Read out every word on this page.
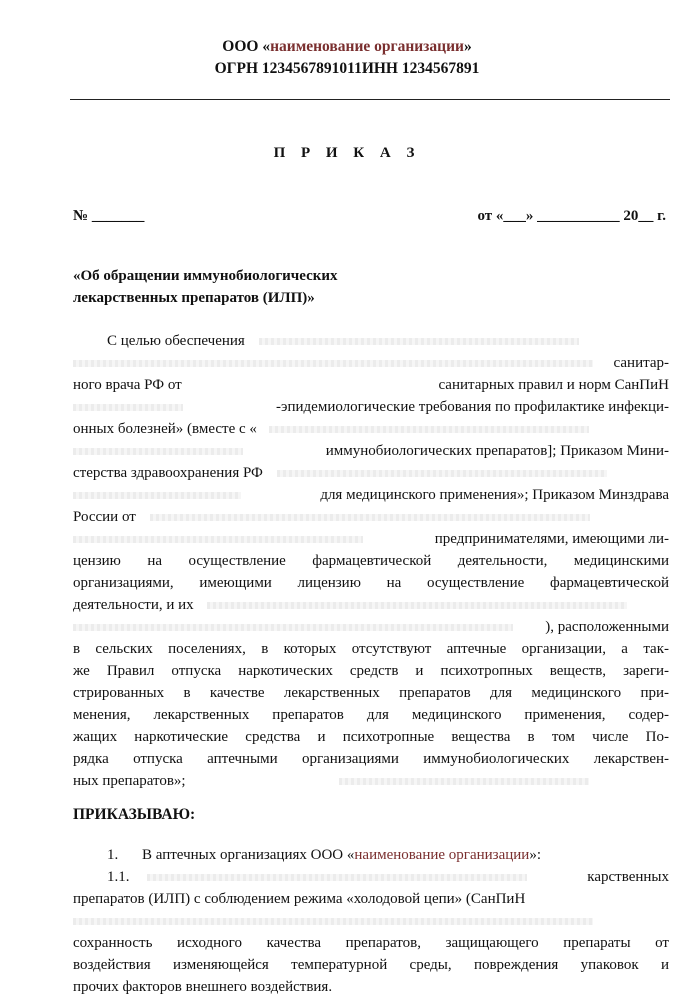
ООО «наименование организации»
ОГРН 1234567891011ИНН 1234567891
П Р И К А З
№ _______	от «___» ___________ 20__ г.
«Об обращении иммунобиологических
лекарственных препаратов (ИЛП)»
С целью обеспечения
санитар-
ного врача РФ от	санитарных правил и норм СанПиН
-эпидемиологические требования по профилактике инфекци-
онных болезней» (вместе с «
иммунобиологических препаратов]; Приказом Мини-
стерства здравоохранения РФ
для медицинского применения»; Приказом Минздрава
России от
предпринимателями, имеющими ли-
цензию на осуществление фармацевтической деятельности, медицинскими
организациями, имеющими лицензию на осуществление фармацевтической
деятельности, и их
), расположенными
в сельских поселениях, в которых отсутствуют аптечные организации, а так-
же Правил отпуска наркотических средств и психотропных веществ, зареги-
стрированных в качестве лекарственных препаратов для медицинского при-
менения, лекарственных препаратов для медицинского применения, содер-
жащих наркотические средства и психотропные вещества в том числе По-
рядка отпуска аптечными организациями иммунобиологических лекарствен-
ных препаратов»;
ПРИКАЗЫВАЮ:
1. В аптечных организациях ООО «наименование организации»:
1.1.	карственных
препаратов (ИЛП) с соблюдением режима «холодовой цепи» (СанПиН
сохранность исходного качества препаратов, защищающего препараты от
воздействия изменяющейся температурной среды, повреждения упаковок и
прочих факторов внешнего воздействия.
